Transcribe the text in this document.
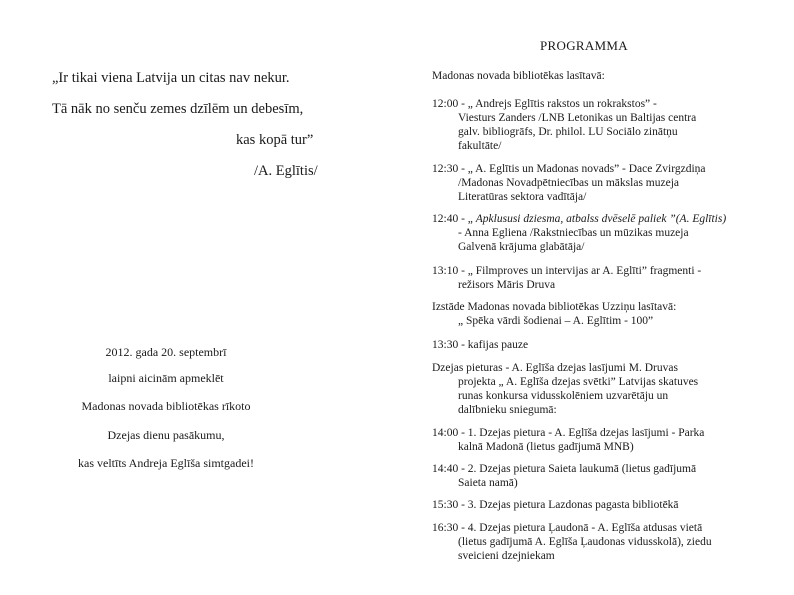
PROGRAMMA
„Ir tikai viena Latvija un citas nav nekur.
Tā nāk no senču zemes dzīlēm un debesīm,
kas kopā tur”
/A. Eglītis/
2012. gada 20. septembrī
laipni aicinām apmeklēt
Madonas novada bibliotēkas rīkoto
Dzejas dienu pasākumu,
kas veltīts Andreja Eglīša simtgadei!
Madonas novada bibliotēkas lasītavā:
12:00 - „ Andrejs Eglītis rakstos un rokrakstos” -
Viesturs Zanders /LNB Letonikas un Baltijas centra
galv. bibliogrāfs, Dr. philol. LU Sociālo zinātņu
fakultāte/
12:30 - „ A. Eglītis un Madonas novads” - Dace Zvirgzdiņa
/Madonas Novadpētniecības un mākslas muzeja
Literatūras sektora vadītāja/
12:40 - „ Apklususi dziesma, atbalss dvēselē paliek ”(A. Eglītis)
- Anna Egliena /Rakstniecības un mūzikas muzeja
Galvenā krājuma glabātāja/
13:10 - „ Filmproves un intervijas ar A. Eglīti” fragmenti -
režisors Māris Druva
Izstāde Madonas novada bibliotēkas Uzziņu lasītavā:
„ Spēka vārdi šodienai – A. Eglītim - 100”
13:30 - kafijas pauze
Dzejas pieturas - A. Eglīša dzejas lasījumi M. Druvas
projekta „ A. Eglīša dzejas svētki” Latvijas skatuves
runas konkursa vidusskolēniem uzvarētāju un
dalībnieku sniegumā:
14:00 - 1. Dzejas pietura - A. Eglīša dzejas lasījumi - Parka
kalnā Madonā (lietus gadījumā MNB)
14:40 - 2. Dzejas pietura Saieta laukumā (lietus gadījumā
Saieta namā)
15:30 - 3. Dzejas pietura Lazdonas pagasta bibliotēkā
16:30 - 4. Dzejas pietura Ļaudonā - A. Eglīša atdusas vietā
(lietus gadījumā A. Eglīša Ļaudonas vidusskolā), ziedu
sveicieni dzejniekam
